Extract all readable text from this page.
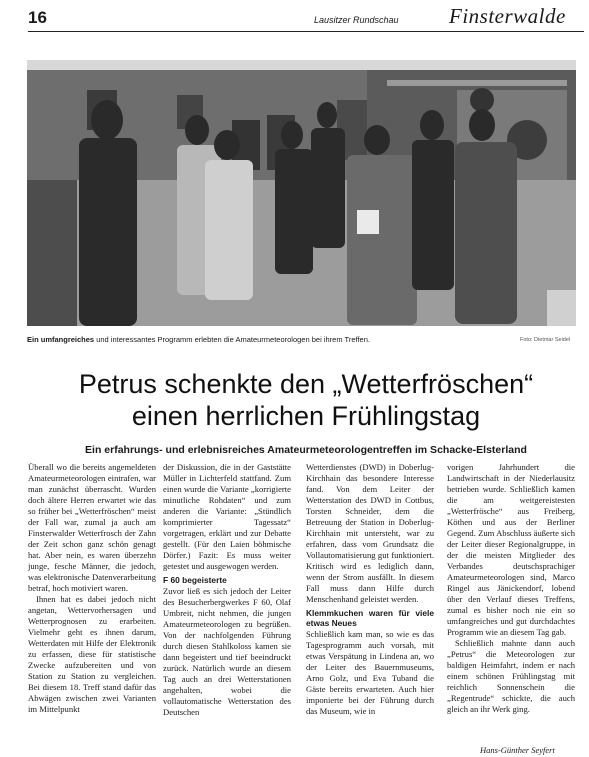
16	Lausitzer Rundschau Finsterwalde
Ein umfangreiches und interessantes Programm erlebten die Amateurmeteorologen bei ihrem Treffen.	Foto: Dietmar Seidel
Petrus schenkte den „Wetterfröschen“
einen herrlichen Frühlingstag
Ein erfahrungs- und erlebnisreiches Amateurmeteorologentreffen im Schacke-Elsterland

Überall wo die bereits angemeldeten Amateurmeteorologen eintrafen, war man zunächst überrascht. Wurden doch ältere Herren erwartet wie das so früher bei „Wetterfröschen“ meist der Fall war, zumal ja auch am Finsterwalder Wetterfrosch der Zahn der Zeit schon ganz schön genagt hat. Aber nein, es waren überzehn junge, fesche Männer, die jedoch, was elektronische Datenverarbeitung betraf, hoch motiviert waren.

Ihnen hat es dabei jedoch nicht angetan, Wettervorhersagen und Wetterprognosen zu erarbeiten. Vielmehr geht es ihnen darum, Wetterdaten mit Hilfe der Elektronik zu erfassen, diese für statistische Zwecke aufzubereiten und von Station zu Station zu vergleichen. Bei diesem 18. Treff stand dafür das Abwägen zwischen zwei Varianten im Mittelpunkt

der Diskussion, die in der Gaststätte Müller in Lichterfeld stattfand. Zum einen wurde die Variante „korrigierte minutliche Rohdaten“ und zum anderen die Variante: „Stündlich komprimierter Tagessatz“ vorgetragen, erklärt und zur Debatte gestellt. (Für den Laien böhmische Dörfer.) Fazit: Es muss weiter getestet und ausgewogen werden.

F 60 begeisterte

Zuvor ließ es sich jedoch der Leiter des Besucherbergwerkes F 60, Olaf Umbreit, nicht nehmen, die jungen Amateurmeteorologen zu begrüßen. Von der nachfolgenden Führung durch diesen Stahlkoloss kamen sie dann begeistert und tief beeindruckt zurück. Natürlich wurde an diesem Tag auch an drei Wetterstationen angehalten, wobei die vollautomatische Wetterstation des Deutschen

Wetterdienstes (DWD) in Doberlug-Kirchhain das besondere Interesse fand. Von dem Leiter der Wetterstation des DWD in Cottbus, Torsten Schneider, dem die Betreuung der Station in Doberlug-Kirchhain mit untersteht, war zu erfahren, dass vom Grundsatz die Vollautomatisierung gut funktioniert. Kritisch wird es lediglich dann, wenn der Strom ausfällt. In diesem Fall muss dann Hilfe durch Menschenhand geleistet werden.

Klemmkuchen waren für viele etwas Neues

Schließlich kam man, so wie es das Tagesprogramm auch vorsah, mit etwas Verspätung in Lindena an, wo der Leiter des Bauernmuseums, Arno Golz, und Eva Tuband die Gäste bereits erwarteten. Auch hier imponierte bei der Führung durch das Museum, wie in

vorigen Jahrhundert die Landwirtschaft in der Niederlausitz betrieben wurde. Schließlich kamen die am weitgereistesten „Wetterfrösche“ aus Freiberg, Köthen und aus der Berliner Gegend. Zum Abschluss äußerte sich der Leiter dieser Regionalgruppe, in der die meisten Mitglieder des Verbandes deutschsprachiger Amateurmeteorologen sind, Marco Ringel aus Jänickendorf, lobend über den Verlauf dieses Treffens, zumal es bisher noch nie ein so umfangreiches und gut durchdachtes Programm wie an diesem Tag gab.

Schließlich mahnte dann auch „Petrus“ die Meteorologen zur baldigen Heimfahrt, indem er nach einem schönen Frühlingstag mit reichlich Sonnenschein die „Regentrude“ schickte, die auch gleich an ihr Werk ging.

Hans-Günther Seyfert
